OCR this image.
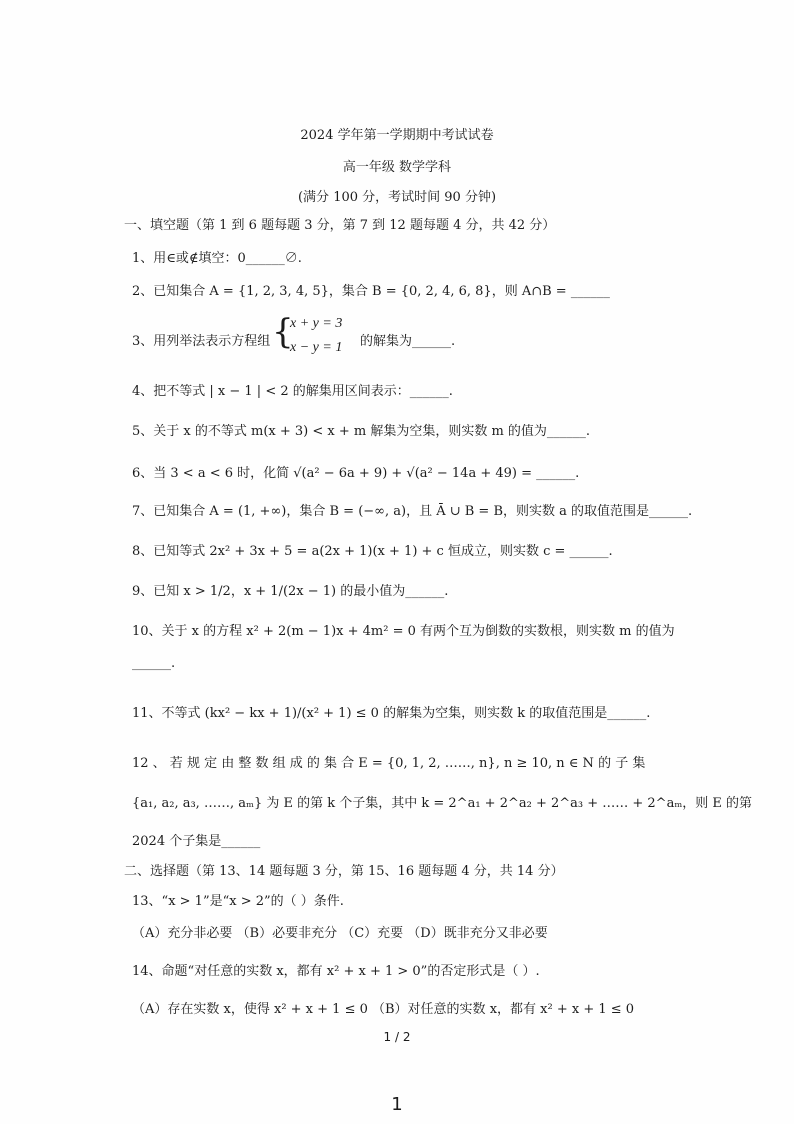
2024 学年第一学期期中考试试卷
高一年级 数学学科
(满分 100 分，考试时间 90 分钟)
一、填空题（第 1 到 6 题每题 3 分，第 7 到 12 题每题 4 分，共 42 分）
1、用∈或∉填空：0______∅.
2、已知集合 A = {1, 2, 3, 4, 5}，集合 B = {0, 2, 4, 6, 8}，则 A∩B = ______
3、用列举法表示方程组 {
x + y = 3
x − y = 1 的解集为______.
4、把不等式 | x − 1 | < 2 的解集用区间表示：______.
5、关于 x 的不等式 m(x + 3) < x + m 解集为空集，则实数 m 的值为______.
6、当 3 < a < 6 时，化简 √(a² − 6a + 9) + √(a² − 14a + 49) = ______.
7、已知集合 A = (1, +∞)，集合 B = (−∞, a)，且 Ā ∪ B = B，则实数 a 的取值范围是______.
8、已知等式 2x² + 3x + 5 = a(2x + 1)(x + 1) + c 恒成立，则实数 c = ______.
9、已知 x > 1/2，x + 1/(2x − 1) 的最小值为______.
10、关于 x 的方程 x² + 2(m − 1)x + 4m² = 0 有两个互为倒数的实数根，则实数 m 的值为
______.
11、不等式 (kx² − kx + 1)/(x² + 1) ≤ 0 的解集为空集，则实数 k 的取值范围是______.
12 、 若 规 定 由 整 数 组 成 的 集 合 E = {0, 1, 2, ……, n}, n ≥ 10, n ∈ N 的 子 集
{a₁, a₂, a₃, ……, aₘ} 为 E 的第 k 个子集，其中 k = 2^a₁ + 2^a₂ + 2^a₃ + …… + 2^aₘ，则 E 的第
2024 个子集是______
二、选择题（第 13、14 题每题 3 分，第 15、16 题每题 4 分，共 14 分）
13、“x > 1”是“x > 2”的（ ）条件.
（A）充分非必要 （B）必要非充分 （C）充要 （D）既非充分又非必要
14、命题“对任意的实数 x，都有 x² + x + 1 > 0”的否定形式是（ ）.
（A）存在实数 x，使得 x² + x + 1 ≤ 0 （B）对任意的实数 x，都有 x² + x + 1 ≤ 0
1 / 2
1
